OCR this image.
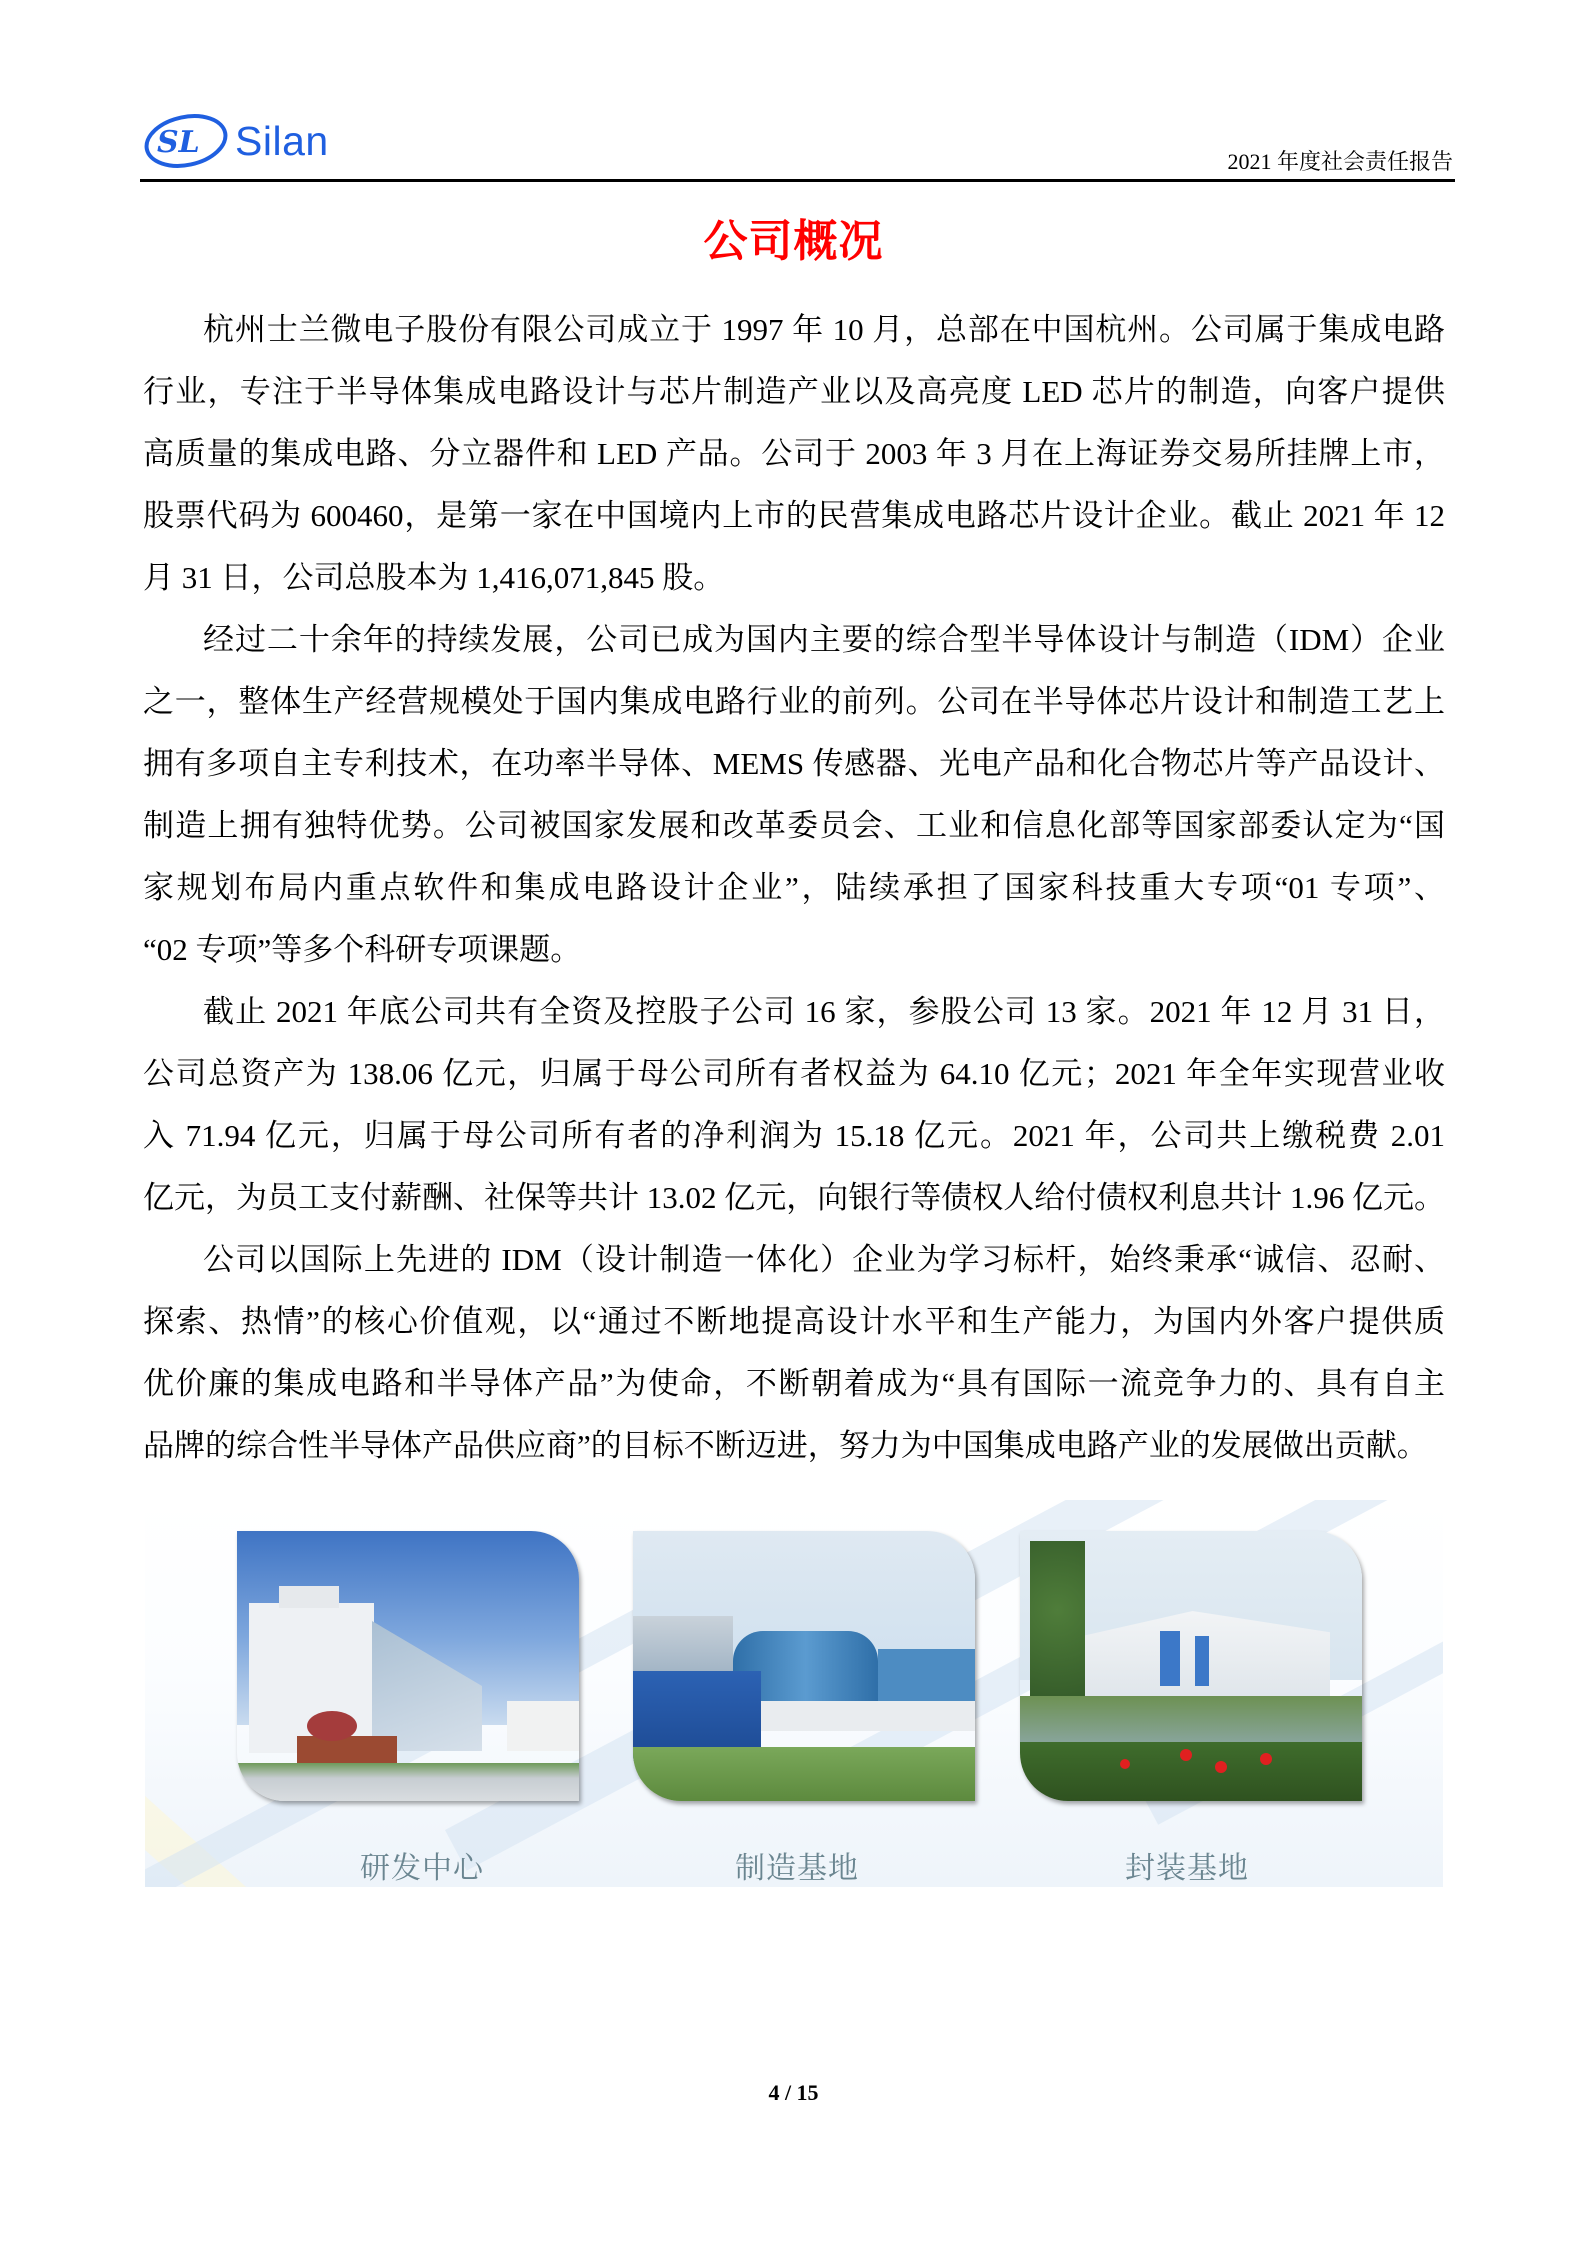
SL Silan	2021 年度社会责任报告
公司概况
杭州士兰微电子股份有限公司成立于 1997 年 10 月，总部在中国杭州。公司属于集成电路
行业，专注于半导体集成电路设计与芯片制造产业以及高亮度 LED 芯片的制造，向客户提供
高质量的集成电路、分立器件和 LED 产品。公司于 2003 年 3 月在上海证券交易所挂牌上市，
股票代码为 600460，是第一家在中国境内上市的民营集成电路芯片设计企业。截止 2021 年 12
月 31 日，公司总股本为 1,416,071,845 股。
经过二十余年的持续发展，公司已成为国内主要的综合型半导体设计与制造（IDM）企业
之一，整体生产经营规模处于国内集成电路行业的前列。公司在半导体芯片设计和制造工艺上
拥有多项自主专利技术，在功率半导体、MEMS 传感器、光电产品和化合物芯片等产品设计、
制造上拥有独特优势。公司被国家发展和改革委员会、工业和信息化部等国家部委认定为“国
家规划布局内重点软件和集成电路设计企业”，陆续承担了国家科技重大专项“01 专项”、
“02 专项”等多个科研专项课题。
截止 2021 年底公司共有全资及控股子公司 16 家，参股公司 13 家。2021 年 12 月 31 日，
公司总资产为 138.06 亿元，归属于母公司所有者权益为 64.10 亿元；2021 年全年实现营业收
入 71.94 亿元，归属于母公司所有者的净利润为 15.18 亿元。2021 年，公司共上缴税费 2.01
亿元，为员工支付薪酬、社保等共计 13.02 亿元，向银行等债权人给付债权利息共计 1.96 亿元。
公司以国际上先进的 IDM（设计制造一体化）企业为学习标杆，始终秉承“诚信、忍耐、
探索、热情”的核心价值观，以“通过不断地提高设计水平和生产能力，为国内外客户提供质
优价廉的集成电路和半导体产品”为使命，不断朝着成为“具有国际一流竞争力的、具有自主
品牌的综合性半导体产品供应商”的目标不断迈进，努力为中国集成电路产业的发展做出贡献。
研发中心	制造基地	封装基地
4 / 15
